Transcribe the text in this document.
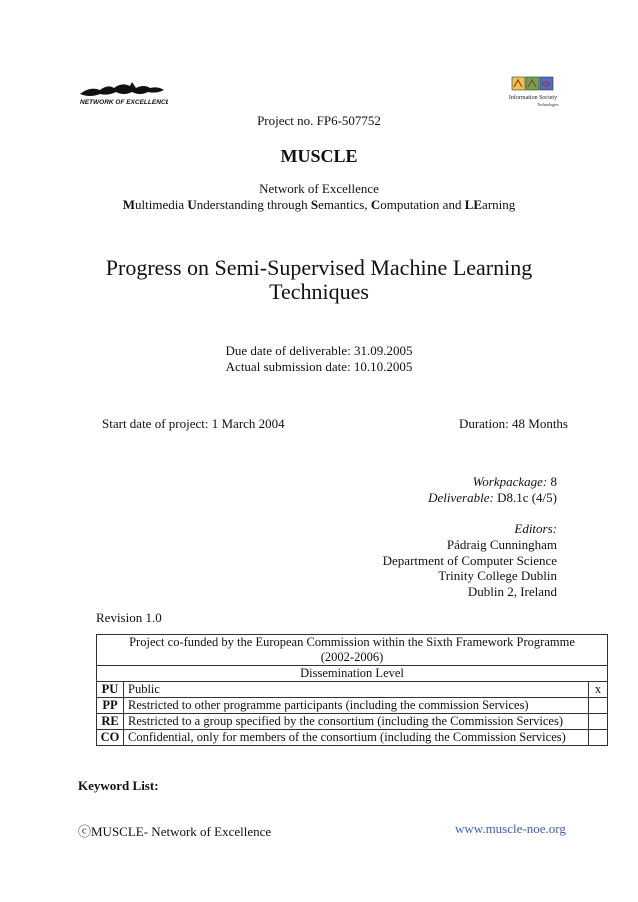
NETWORK OF EXCELLENCE
Information Society
Technologies
Project no. FP6-507752
MUSCLE
Network of Excellence
Multimedia Understanding through Semantics, Computation and LEarning
Progress on Semi-Supervised Machine Learning
Techniques
Due date of deliverable: 31.09.2005
Actual submission date: 10.10.2005
Start date of project: 1 March 2004	Duration: 48 Months
Workpackage: 8
Deliverable: D8.1c (4/5)
Editors:
Pádraig Cunningham
Department of Computer Science
Trinity College Dublin
Dublin 2, Ireland
Revision 1.0
Project co-funded by the European Commission within the Sixth Framework Programme
(2002-2006)		

Dissemination Level		
PU	Public	x
PP	Restricted to other programme participants (including the commission Services)	
RE	Restricted to a group specified by the consortium (including the Commission Services)	
CO	Confidential, only for members of the consortium (including the Commission Services)	
Keyword List:
ⓒMUSCLE- Network of Excellence	www.muscle-noe.org
